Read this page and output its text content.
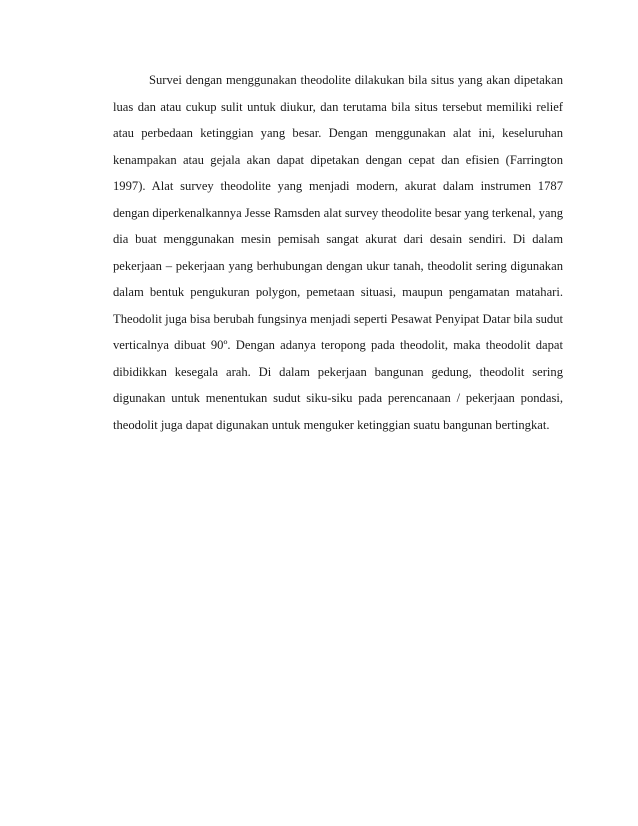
Survei dengan menggunakan theodolite dilakukan bila situs yang akan dipetakan
luas dan atau cukup sulit untuk diukur, dan terutama bila situs tersebut memiliki relief
atau perbedaan ketinggian yang besar. Dengan menggunakan alat ini, keseluruhan
kenampakan atau gejala akan dapat dipetakan dengan cepat dan efisien (Farrington
1997). Alat survey theodolite yang menjadi modern, akurat dalam instrumen 1787
dengan diperkenalkannya Jesse Ramsden alat survey theodolite besar yang terkenal, yang
dia buat menggunakan mesin pemisah sangat akurat dari desain sendiri. Di dalam
pekerjaan – pekerjaan yang berhubungan dengan ukur tanah, theodolit sering digunakan
dalam bentuk pengukuran polygon, pemetaan situasi, maupun pengamatan matahari.
Theodolit juga bisa berubah fungsinya menjadi seperti Pesawat Penyipat Datar bila sudut
verticalnya dibuat 90º. Dengan adanya teropong pada theodolit, maka theodolit dapat
dibidikkan kesegala arah. Di dalam pekerjaan bangunan gedung, theodolit sering
digunakan untuk menentukan sudut siku-siku pada perencanaan / pekerjaan pondasi,
theodolit juga dapat digunakan untuk menguker ketinggian suatu bangunan bertingkat.
